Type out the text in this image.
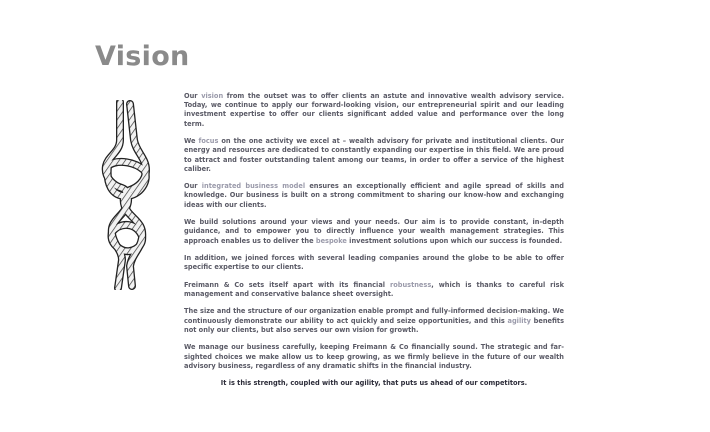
Vision

Our vision from the outset was to offer clients an astute and innovative wealth advisory service. Today, we continue to apply our forward-looking vision, our entrepreneurial spirit and our leading investment expertise to offer our clients significant added value and performance over the long term.

We focus on the one activity we excel at – wealth advisory for private and institutional clients. Our energy and resources are dedicated to constantly expanding our expertise in this field. We are proud to attract and foster outstanding talent among our teams, in order to offer a service of the highest caliber.

Our integrated business model ensures an exceptionally efficient and agile spread of skills and knowledge. Our business is built on a strong commitment to sharing our know-how and exchanging ideas with our clients.

We build solutions around your views and your needs. Our aim is to provide constant, in-depth guidance, and to empower you to directly influence your wealth management strategies. This approach enables us to deliver the bespoke investment solutions upon which our success is founded.

In addition, we joined forces with several leading companies around the globe to be able to offer specific expertise to our clients.

Freimann & Co sets itself apart with its financial robustness, which is thanks to careful risk management and conservative balance sheet oversight.

The size and the structure of our organization enable prompt and fully-informed decision-making. We continuously demonstrate our ability to act quickly and seize opportunities, and this agility benefits not only our clients, but also serves our own vision for growth.

We manage our business carefully, keeping Freimann & Co financially sound. The strategic and far-sighted choices we make allow us to keep growing, as we firmly believe in the future of our wealth advisory business, regardless of any dramatic shifts in the financial industry.

It is this strength, coupled with our agility, that puts us ahead of our competitors.
